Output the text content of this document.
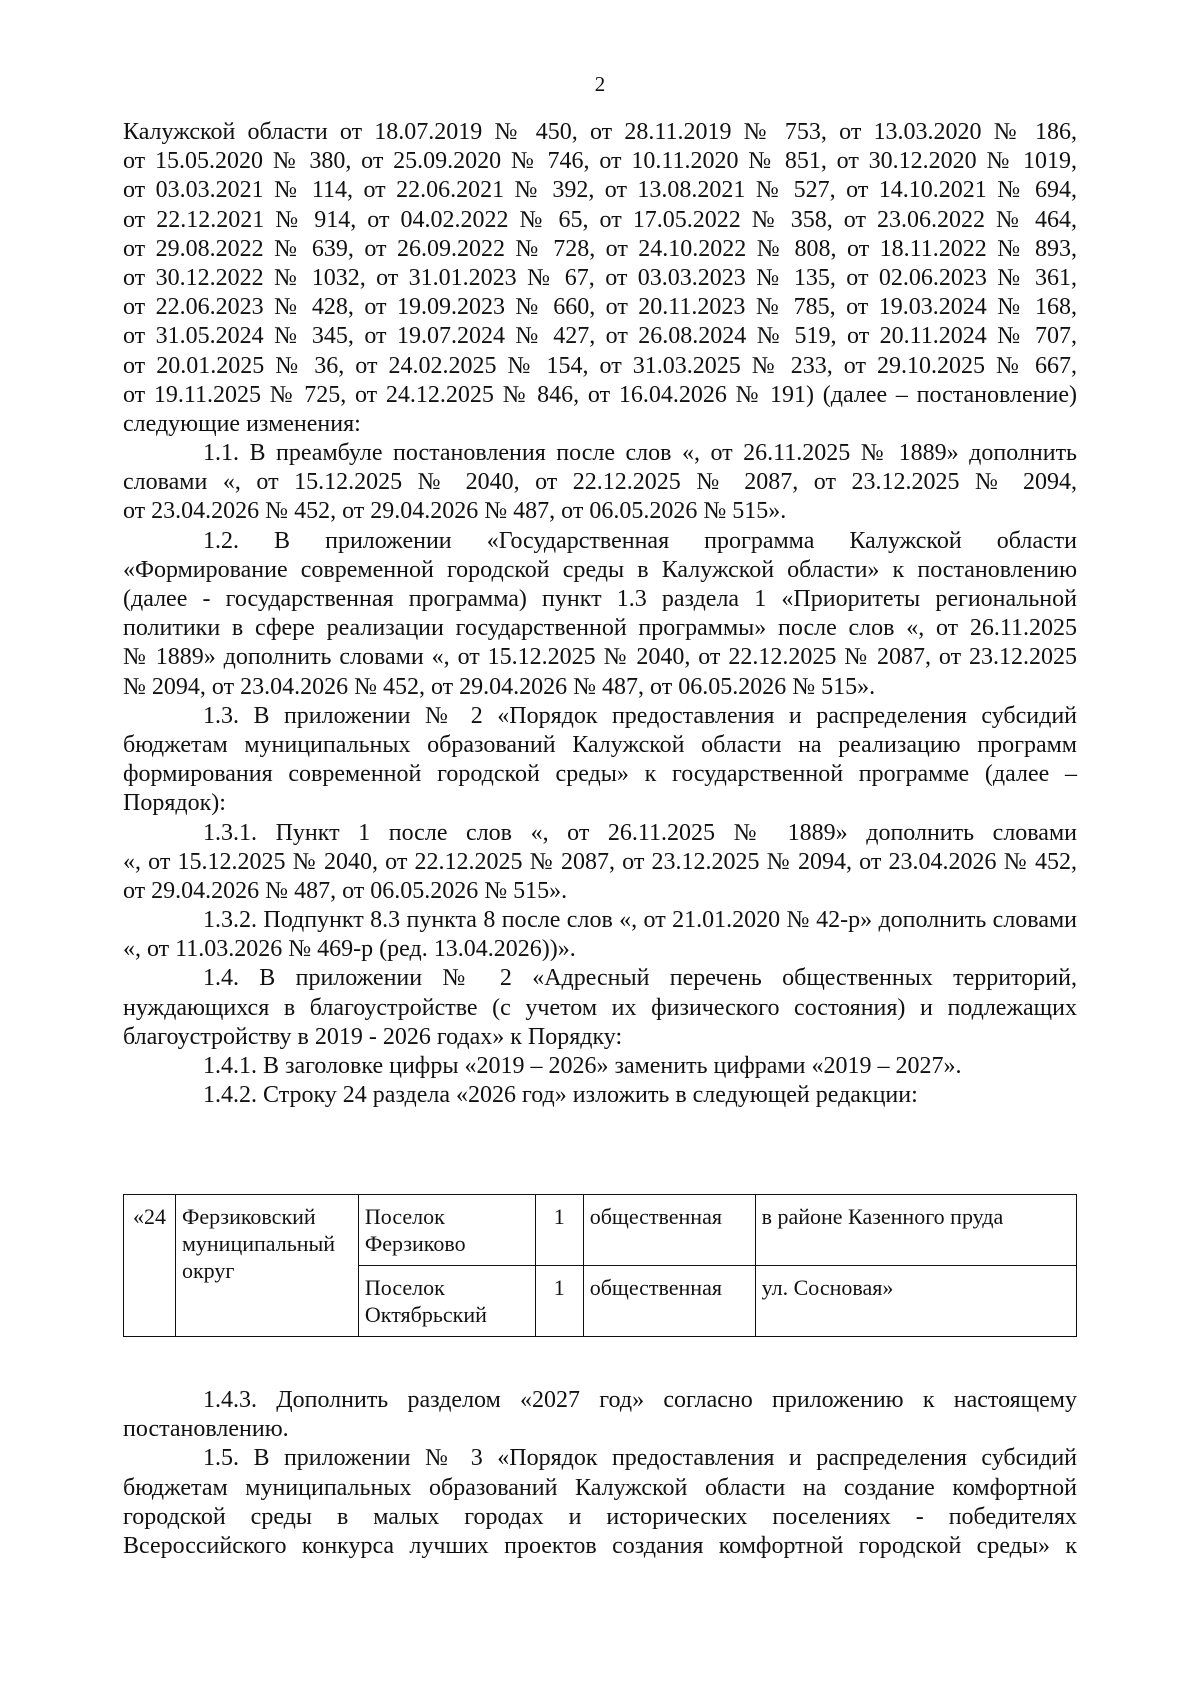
2
Калужской области от 18.07.2019 № 450, от 28.11.2019 № 753, от 13.03.2020 № 186,
от 15.05.2020 № 380, от 25.09.2020 № 746, от 10.11.2020 № 851, от 30.12.2020 № 1019,
от 03.03.2021 № 114, от 22.06.2021 № 392, от 13.08.2021 № 527, от 14.10.2021 № 694,
от 22.12.2021 № 914, от 04.02.2022 № 65, от 17.05.2022 № 358, от 23.06.2022 № 464,
от 29.08.2022 № 639, от 26.09.2022 № 728, от 24.10.2022 № 808, от 18.11.2022 № 893,
от 30.12.2022 № 1032, от 31.01.2023 № 67, от 03.03.2023 № 135, от 02.06.2023 № 361,
от 22.06.2023 № 428, от 19.09.2023 № 660, от 20.11.2023 № 785, от 19.03.2024 № 168,
от 31.05.2024 № 345, от 19.07.2024 № 427, от 26.08.2024 № 519, от 20.11.2024 № 707,
от 20.01.2025 № 36, от 24.02.2025 № 154, от 31.03.2025 № 233, от 29.10.2025 № 667,
от 19.11.2025 № 725, от 24.12.2025 № 846, от 16.04.2026 № 191) (далее – постановление)
следующие изменения:
1.1. В преамбуле постановления после слов «, от 26.11.2025 № 1889» дополнить
словами «, от 15.12.2025 № 2040, от 22.12.2025 № 2087, от 23.12.2025 № 2094,
от 23.04.2026 № 452, от 29.04.2026 № 487, от 06.05.2026 № 515».
1.2. В приложении «Государственная программа Калужской области
«Формирование современной городской среды в Калужской области» к постановлению
(далее - государственная программа) пункт 1.3 раздела 1 «Приоритеты региональной
политики в сфере реализации государственной программы» после слов «, от 26.11.2025
№ 1889» дополнить словами «, от 15.12.2025 № 2040, от 22.12.2025 № 2087, от 23.12.2025
№ 2094, от 23.04.2026 № 452, от 29.04.2026 № 487, от 06.05.2026 № 515».
1.3. В приложении № 2 «Порядок предоставления и распределения субсидий
бюджетам муниципальных образований Калужской области на реализацию программ
формирования современной городской среды» к государственной программе (далее –
Порядок):
1.3.1. Пункт 1 после слов «, от 26.11.2025 № 1889» дополнить словами
«, от 15.12.2025 № 2040, от 22.12.2025 № 2087, от 23.12.2025 № 2094, от 23.04.2026 № 452,
от 29.04.2026 № 487, от 06.05.2026 № 515».
1.3.2. Подпункт 8.3 пункта 8 после слов «, от 21.01.2020 № 42-р» дополнить словами
«, от 11.03.2026 № 469-р (ред. 13.04.2026))».
1.4. В приложении № 2 «Адресный перечень общественных территорий,
нуждающихся в благоустройстве (с учетом их физического состояния) и подлежащих
благоустройству в 2019 - 2026 годах» к Порядку:
1.4.1. В заголовке цифры «2019 – 2026» заменить цифрами «2019 – 2027».
1.4.2. Строку 24 раздела «2026 год» изложить в следующей редакции:
«24	Ферзиковский муниципальный округ	Поселок Ферзиково	1	общественная	в районе Казенного пруда
		Поселок Октябрьский	1	общественная	ул. Сосновая»
1.4.3. Дополнить разделом «2027 год» согласно приложению к настоящему
постановлению.
1.5. В приложении № 3 «Порядок предоставления и распределения субсидий
бюджетам муниципальных образований Калужской области на создание комфортной
городской среды в малых городах и исторических поселениях - победителях
Всероссийского конкурса лучших проектов создания комфортной городской среды» к
